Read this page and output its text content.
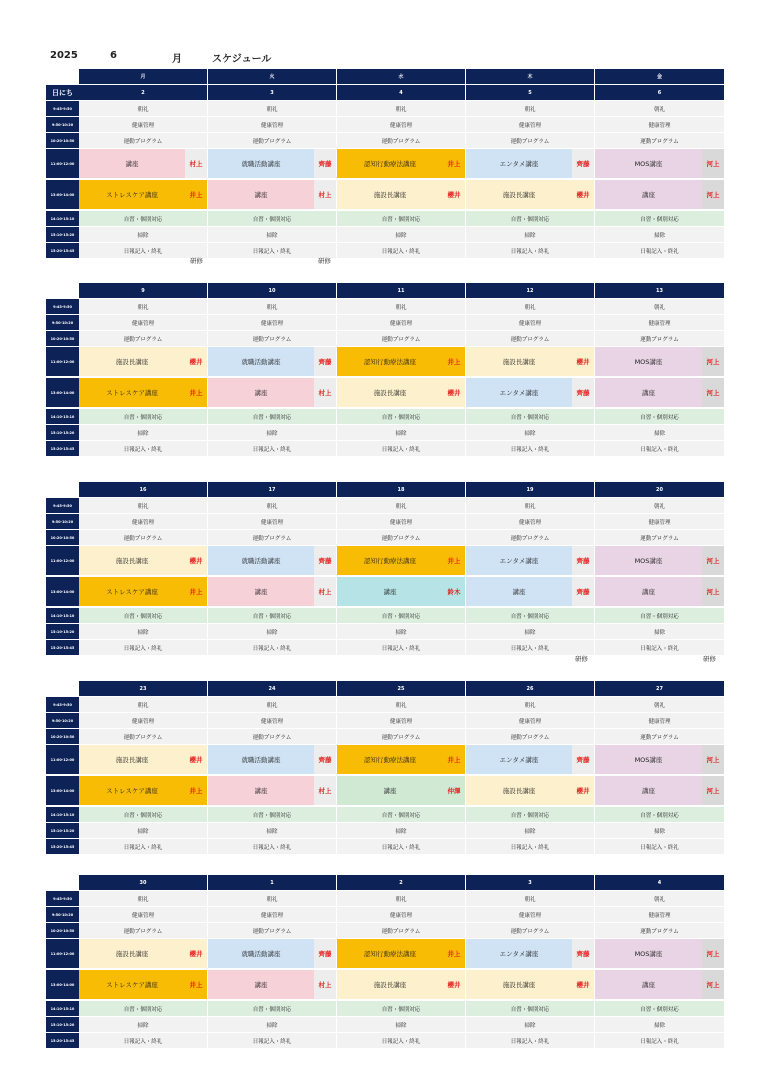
2025	6	月	スケジュール
月	火	水	木	金
日にち	2	3	4	5	6
9:45-9:50	朝礼	朝礼	朝礼	朝礼	朝礼
9:50-10:20	健康管理	健康管理	健康管理	健康管理	健康管理
10:20-10:50	運動プログラム	運動プログラム	運動プログラム	運動プログラム	運動プログラム
11:00-12:00	講座	村上	就職活動講座	齊藤	認知行動療法講座	井上	エンタメ講座	齊藤	MOS講座	河上
13:00-14:00	ストレスケア講座	井上	講座	村上	施設長講座	櫻井	施設長講座	櫻井	講座	河上
14:10-15:10	自習・個別対応	自習・個別対応	自習・個別対応	自習・個別対応	自習・個別対応
15:10-15:20	掃除	掃除	掃除	掃除	掃除
15:20-15:45	日報記入・終礼	日報記入・終礼	日報記入・終礼	日報記入・終礼	日報記入・終礼
9	10	11	12	13
9:45-9:50	朝礼	朝礼	朝礼	朝礼	朝礼
9:50-10:20	健康管理	健康管理	健康管理	健康管理	健康管理
10:20-10:50	運動プログラム	運動プログラム	運動プログラム	運動プログラム	運動プログラム
11:00-12:00	施設長講座	櫻井	就職活動講座	齊藤	認知行動療法講座	井上	施設長講座	櫻井	MOS講座	河上
13:00-14:00	ストレスケア講座	井上	講座	村上	施設長講座	櫻井	エンタメ講座	齊藤	講座	河上
14:10-15:10	自習・個別対応	自習・個別対応	自習・個別対応	自習・個別対応	自習・個別対応
15:10-15:20	掃除	掃除	掃除	掃除	掃除
15:20-15:45	日報記入・終礼	日報記入・終礼	日報記入・終礼	日報記入・終礼	日報記入・終礼
16	17	18	19	20
9:45-9:50	朝礼	朝礼	朝礼	朝礼	朝礼
9:50-10:20	健康管理	健康管理	健康管理	健康管理	健康管理
10:20-10:50	運動プログラム	運動プログラム	運動プログラム	運動プログラム	運動プログラム
11:00-12:00	施設長講座	櫻井	就職活動講座	齊藤	認知行動療法講座	井上	エンタメ講座	齊藤	MOS講座	河上
13:00-14:00	ストレスケア講座	井上	講座	村上	講座	鈴木	講座	齊藤	講座	河上
14:10-15:10	自習・個別対応	自習・個別対応	自習・個別対応	自習・個別対応	自習・個別対応
15:10-15:20	掃除	掃除	掃除	掃除	掃除
15:20-15:45	日報記入・終礼	日報記入・終礼	日報記入・終礼	日報記入・終礼	日報記入・終礼
23	24	25	26	27
9:45-9:50	朝礼	朝礼	朝礼	朝礼	朝礼
9:50-10:20	健康管理	健康管理	健康管理	健康管理	健康管理
10:20-10:50	運動プログラム	運動プログラム	運動プログラム	運動プログラム	運動プログラム
11:00-12:00	施設長講座	櫻井	就職活動講座	齊藤	認知行動療法講座	井上	エンタメ講座	齊藤	MOS講座	河上
13:00-14:00	ストレスケア講座	井上	講座	村上	講座	仲澤	施設長講座	櫻井	講座	河上
14:10-15:10	自習・個別対応	自習・個別対応	自習・個別対応	自習・個別対応	自習・個別対応
15:10-15:20	掃除	掃除	掃除	掃除	掃除
15:20-15:45	日報記入・終礼	日報記入・終礼	日報記入・終礼	日報記入・終礼	日報記入・終礼
30	1	2	3	4
9:45-9:50	朝礼	朝礼	朝礼	朝礼	朝礼
9:50-10:20	健康管理	健康管理	健康管理	健康管理	健康管理
10:20-10:50	運動プログラム	運動プログラム	運動プログラム	運動プログラム	運動プログラム
11:00-12:00	施設長講座	櫻井	就職活動講座	齊藤	認知行動療法講座	井上	エンタメ講座	齊藤	MOS講座	河上
13:00-14:00	ストレスケア講座	井上	講座	村上	施設長講座	櫻井	施設長講座	櫻井	講座	河上
14:10-15:10	自習・個別対応	自習・個別対応	自習・個別対応	自習・個別対応	自習・個別対応
15:10-15:20	掃除	掃除	掃除	掃除	掃除
15:20-15:45	日報記入・終礼	日報記入・終礼	日報記入・終礼	日報記入・終礼	日報記入・終礼
研修	研修
研修	研修
